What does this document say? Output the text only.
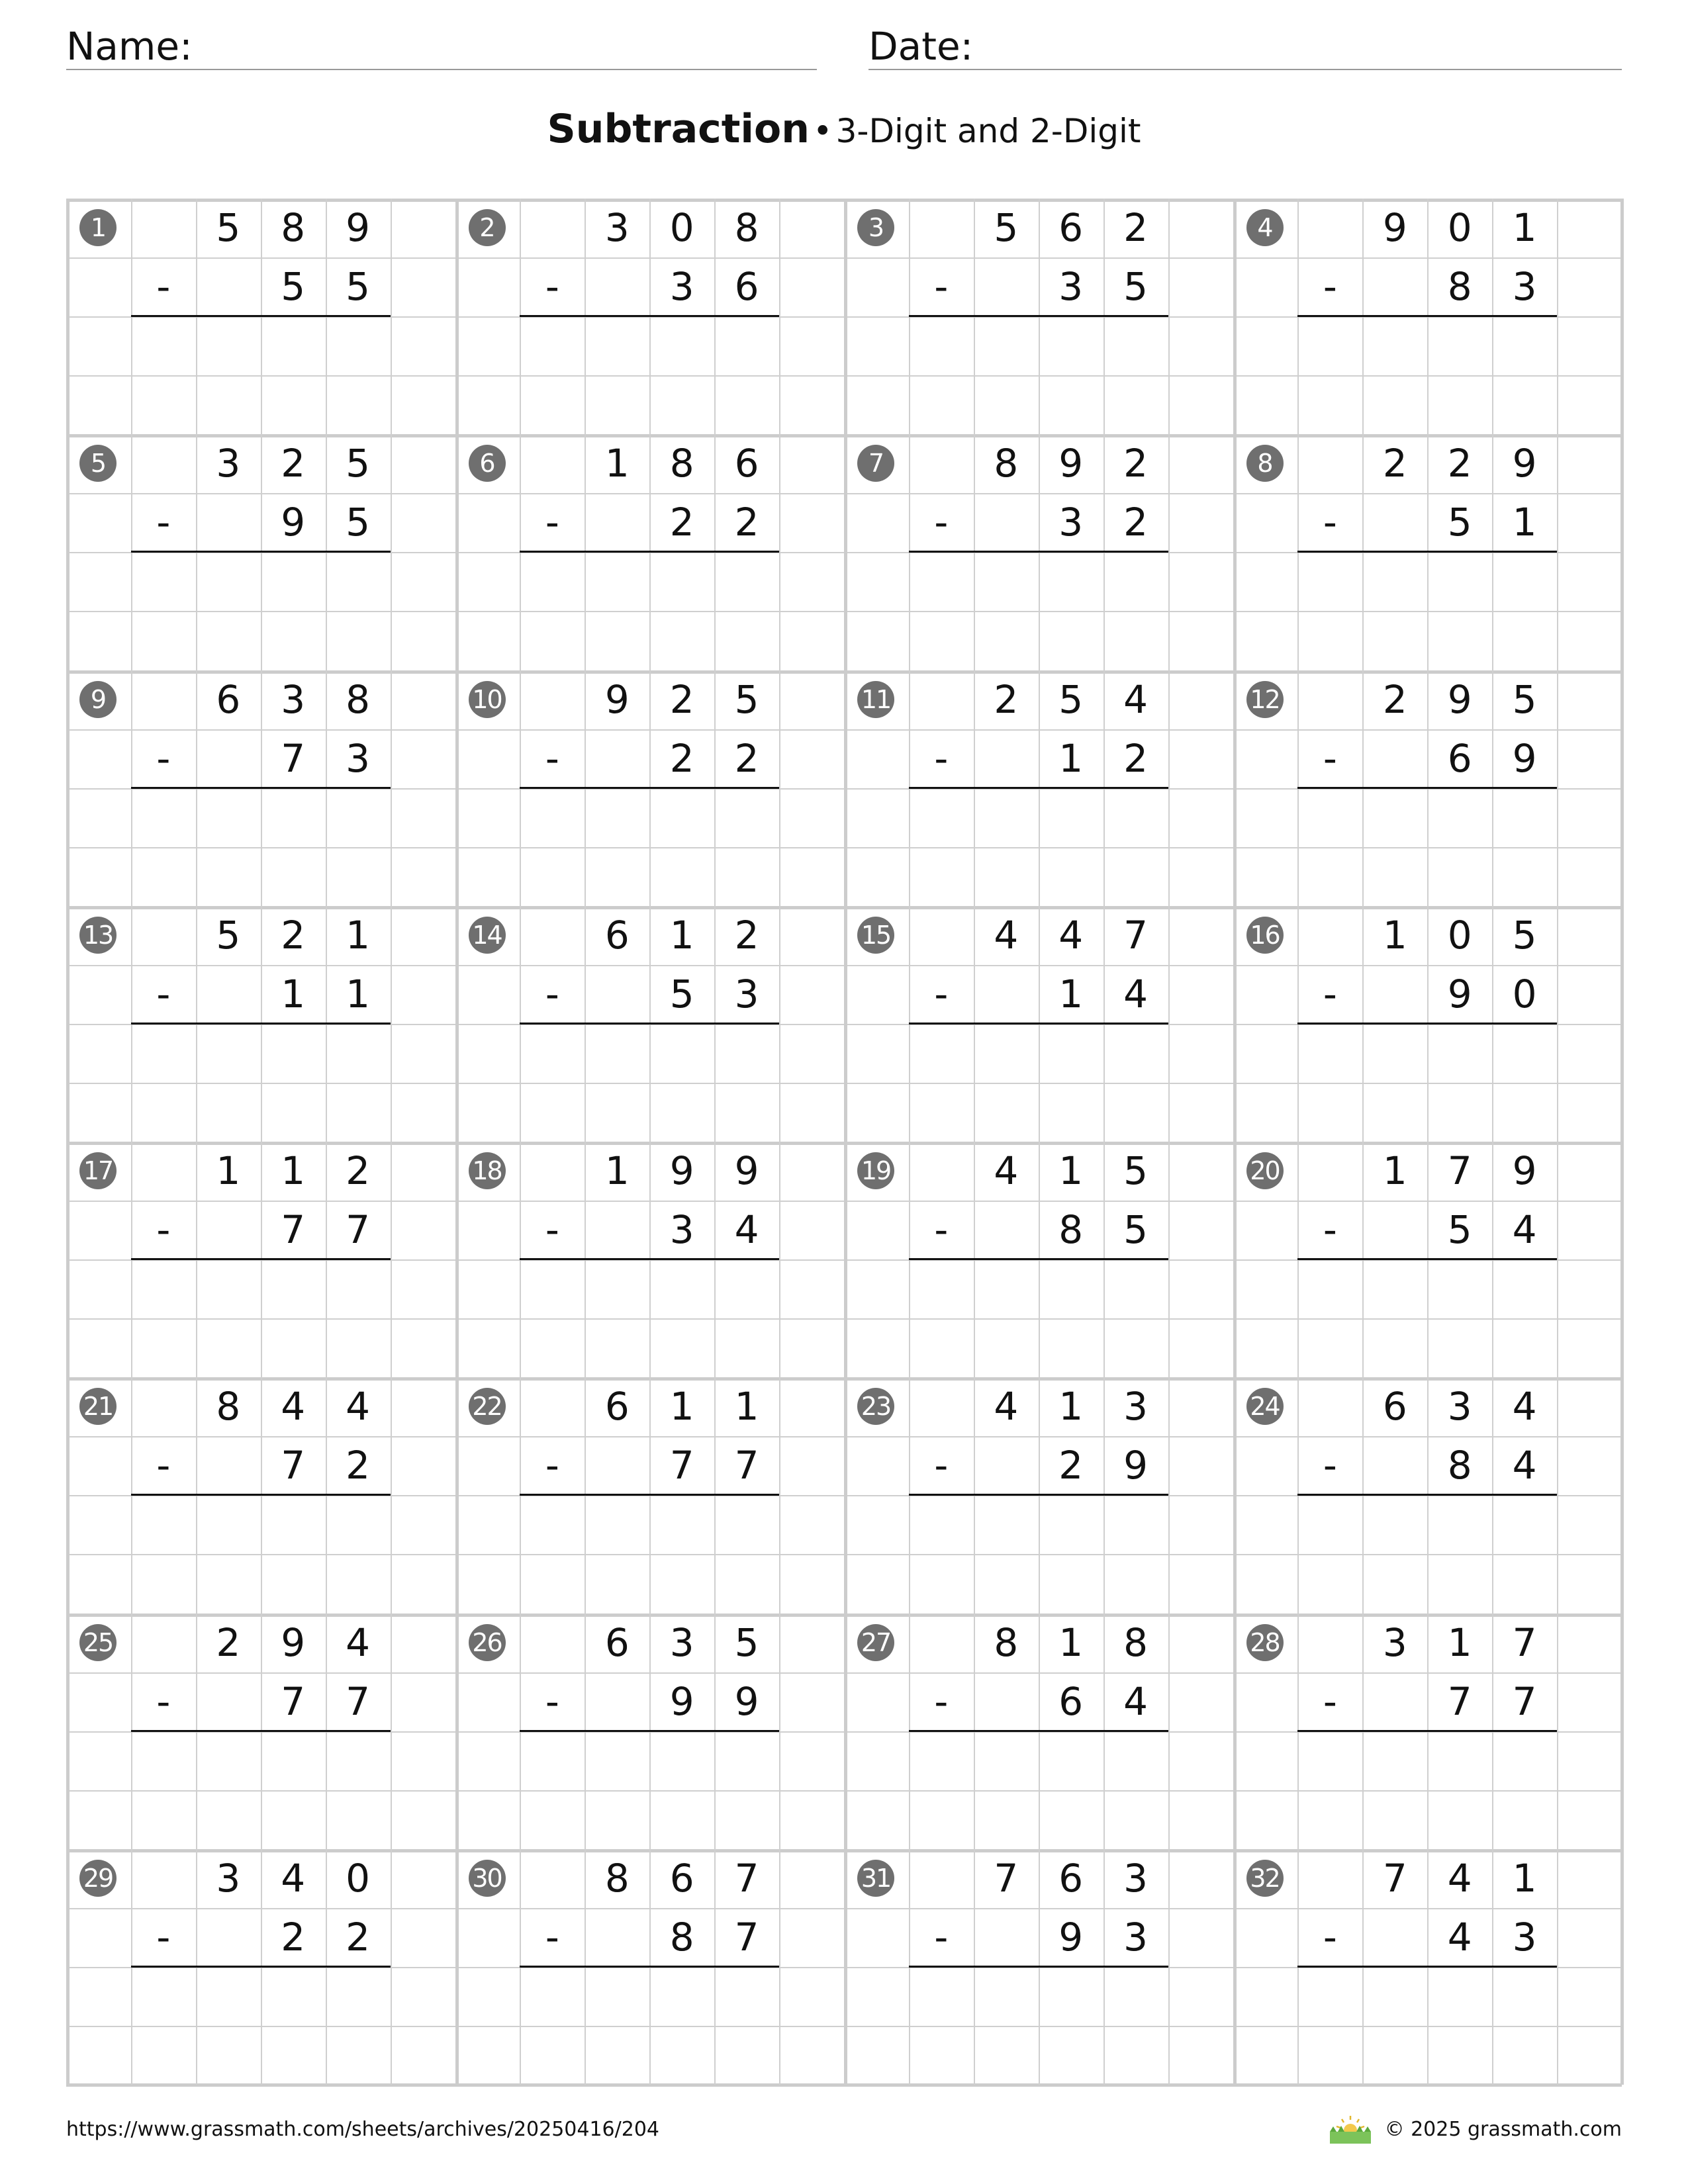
Name:	Date:
Subtraction • 3-Digit and 2-Digit
1	5	8	9
-	5	5
2	3	0	8
-	3	6
3	5	6	2
-	3	5
4	9	0	1
-	8	3
5	3	2	5
-	9	5
6	1	8	6
-	2	2
7	8	9	2
-	3	2
8	2	2	9
-	5	1
9	6	3	8
-	7	3
10	9	2	5
-	2	2
11	2	5	4
-	1	2
12	2	9	5
-	6	9
13	5	2	1
-	1	1
14	6	1	2
-	5	3
15	4	4	7
-	1	4
16	1	0	5
-	9	0
17	1	1	2
-	7	7
18	1	9	9
-	3	4
19	4	1	5
-	8	5
20	1	7	9
-	5	4
21	8	4	4
-	7	2
22	6	1	1
-	7	7
23	4	1	3
-	2	9
24	6	3	4
-	8	4
25	2	9	4
-	7	7
26	6	3	5
-	9	9
27	8	1	8
-	6	4
28	3	1	7
-	7	7
29	3	4	0
-	2	2
30	8	6	7
-	8	7
31	7	6	3
-	9	3
32	7	4	1
-	4	3
https://www.grassmath.com/sheets/archives/20250416/204	© 2025 grassmath.com
